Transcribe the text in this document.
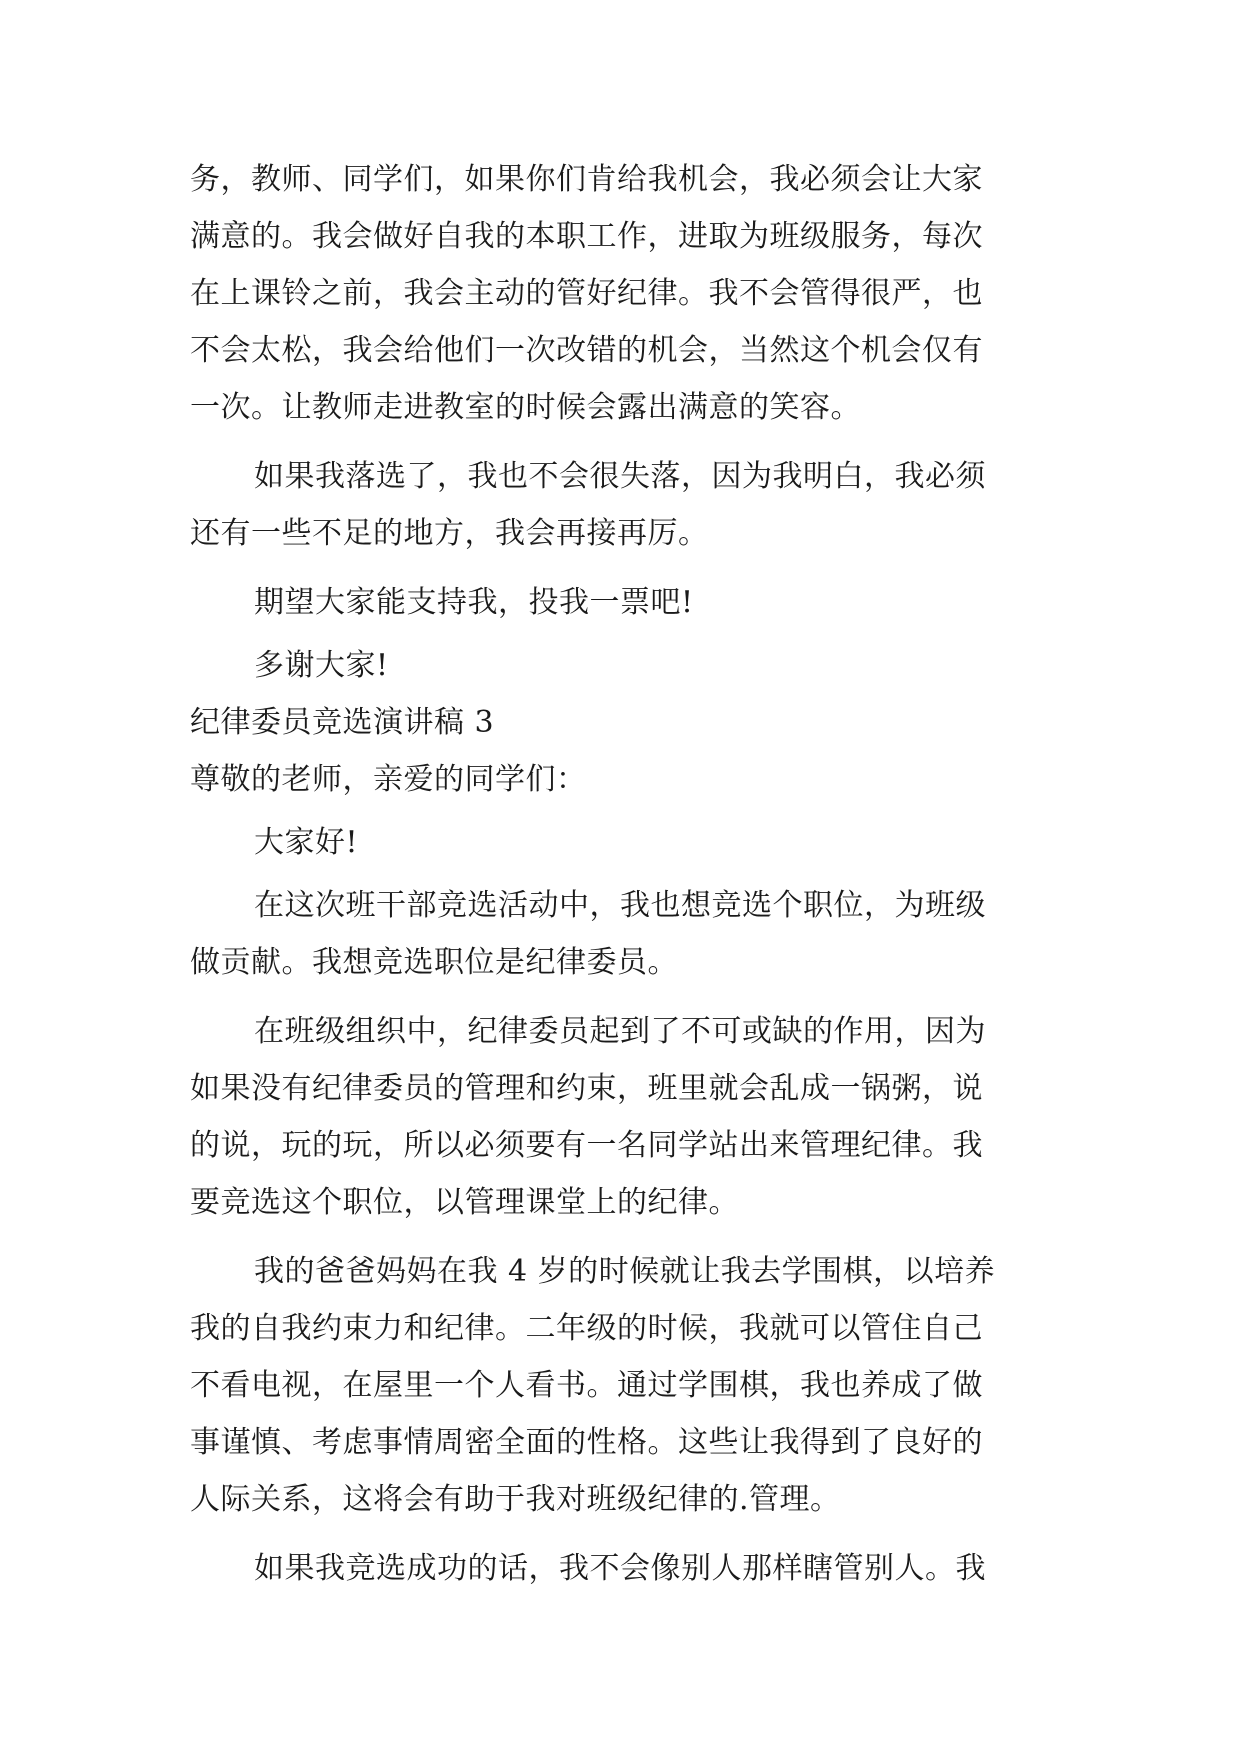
务，教师、同学们，如果你们肯给我机会，我必须会让大家

满意的。我会做好自我的本职工作，进取为班级服务，每次

在上课铃之前，我会主动的管好纪律。我不会管得很严，也

不会太松，我会给他们一次改错的机会，当然这个机会仅有

一次。让教师走进教室的时候会露出满意的笑容。

如果我落选了，我也不会很失落，因为我明白，我必须

还有一些不足的地方，我会再接再厉。

期望大家能支持我，投我一票吧!

多谢大家!

纪律委员竞选演讲稿 3

尊敬的老师，亲爱的同学们：

大家好!

在这次班干部竞选活动中，我也想竞选个职位，为班级

做贡献。我想竞选职位是纪律委员。

在班级组织中，纪律委员起到了不可或缺的作用，因为

如果没有纪律委员的管理和约束，班里就会乱成一锅粥，说

的说，玩的玩，所以必须要有一名同学站出来管理纪律。我

要竞选这个职位，以管理课堂上的纪律。

我的爸爸妈妈在我 4 岁的时候就让我去学围棋，以培养

我的自我约束力和纪律。二年级的时候，我就可以管住自己

不看电视，在屋里一个人看书。通过学围棋，我也养成了做

事谨慎、考虑事情周密全面的性格。这些让我得到了良好的

人际关系，这将会有助于我对班级纪律的.管理。

如果我竞选成功的话，我不会像别人那样瞎管别人。我
